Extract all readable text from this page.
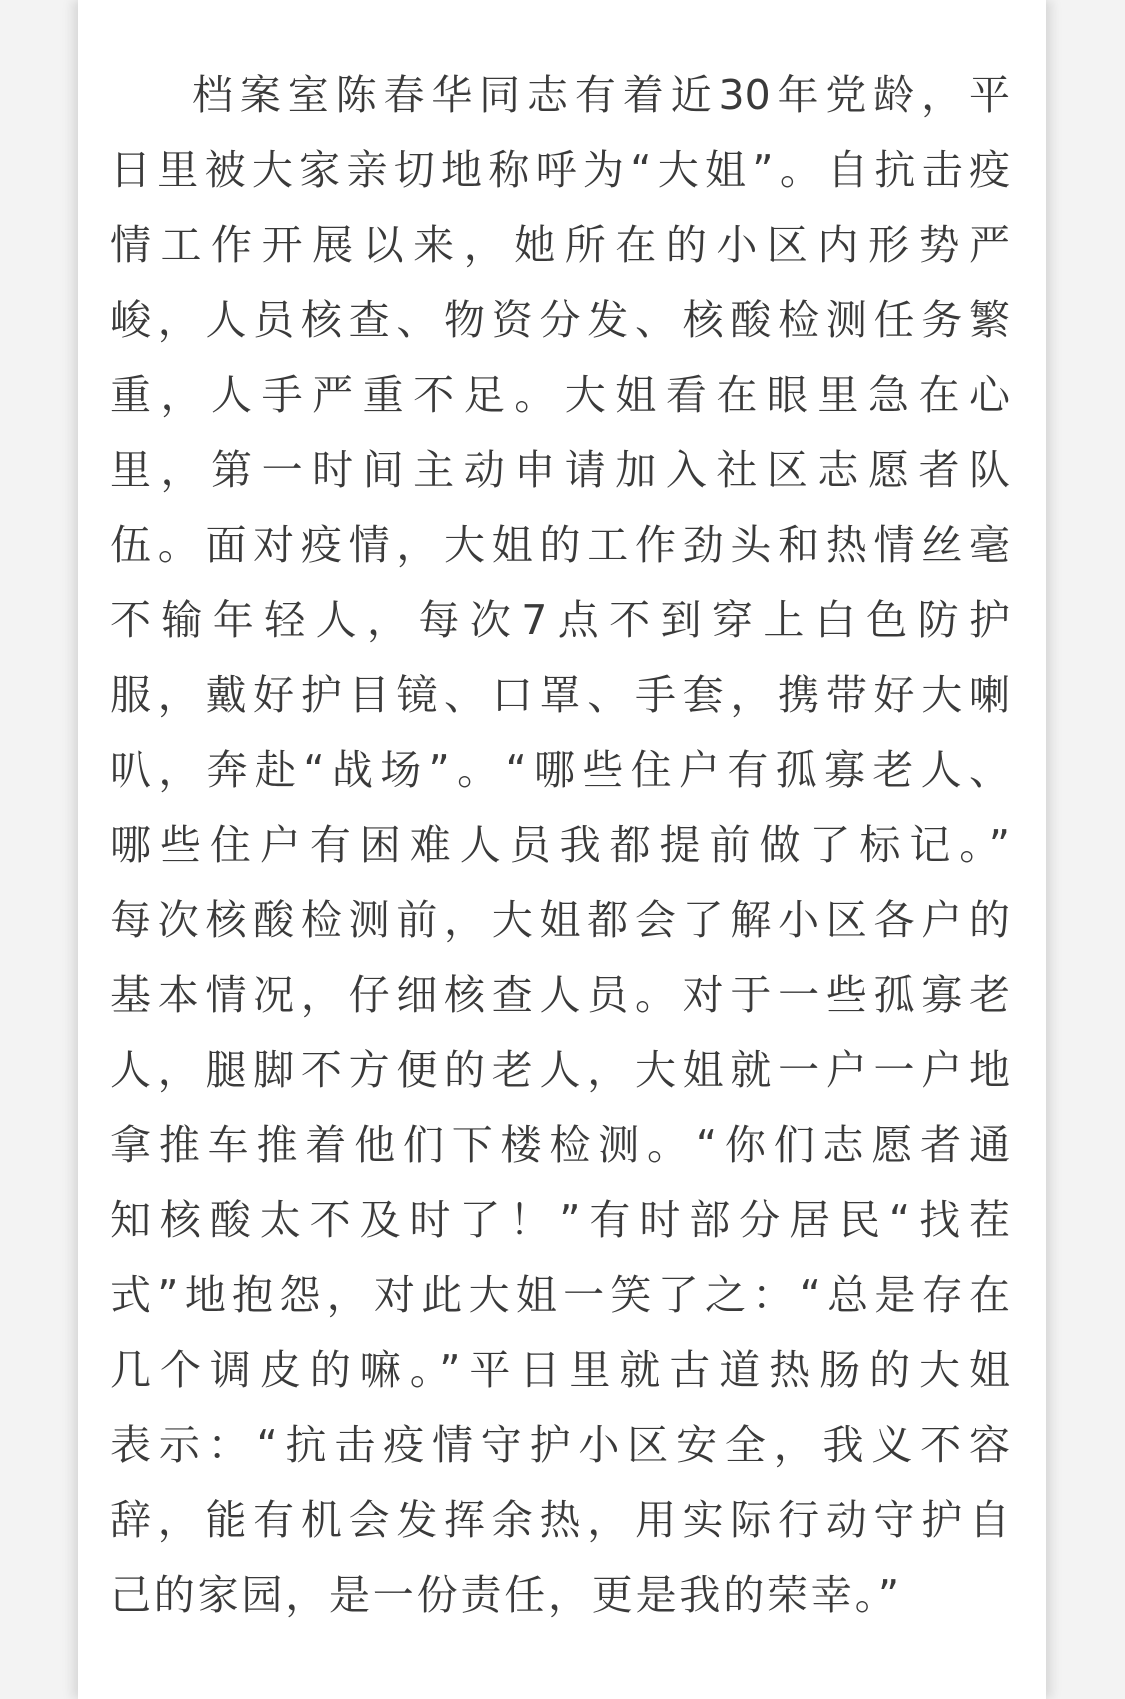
档案室陈春华同志有着近30年党龄，平
日里被大家亲切地称呼为“大姐”。自抗击疫
情工作开展以来，她所在的小区内形势严
峻，人员核查、物资分发、核酸检测任务繁
重，人手严重不足。大姐看在眼里急在心
里，第一时间主动申请加入社区志愿者队
伍。面对疫情，大姐的工作劲头和热情丝毫
不输年轻人，每次7点不到穿上白色防护
服，戴好护目镜、口罩、手套，携带好大喇
叭，奔赴“战场”。“哪些住户有孤寡老人、
哪些住户有困难人员我都提前做了标记。”
每次核酸检测前，大姐都会了解小区各户的
基本情况，仔细核查人员。对于一些孤寡老
人，腿脚不方便的老人，大姐就一户一户地
拿推车推着他们下楼检测。“你们志愿者通
知核酸太不及时了！”有时部分居民“找茬
式”地抱怨，对此大姐一笑了之：“总是存在
几个调皮的嘛。”平日里就古道热肠的大姐
表示：“抗击疫情守护小区安全，我义不容
辞，能有机会发挥余热，用实际行动守护自
己的家园，是一份责任，更是我的荣幸。”
